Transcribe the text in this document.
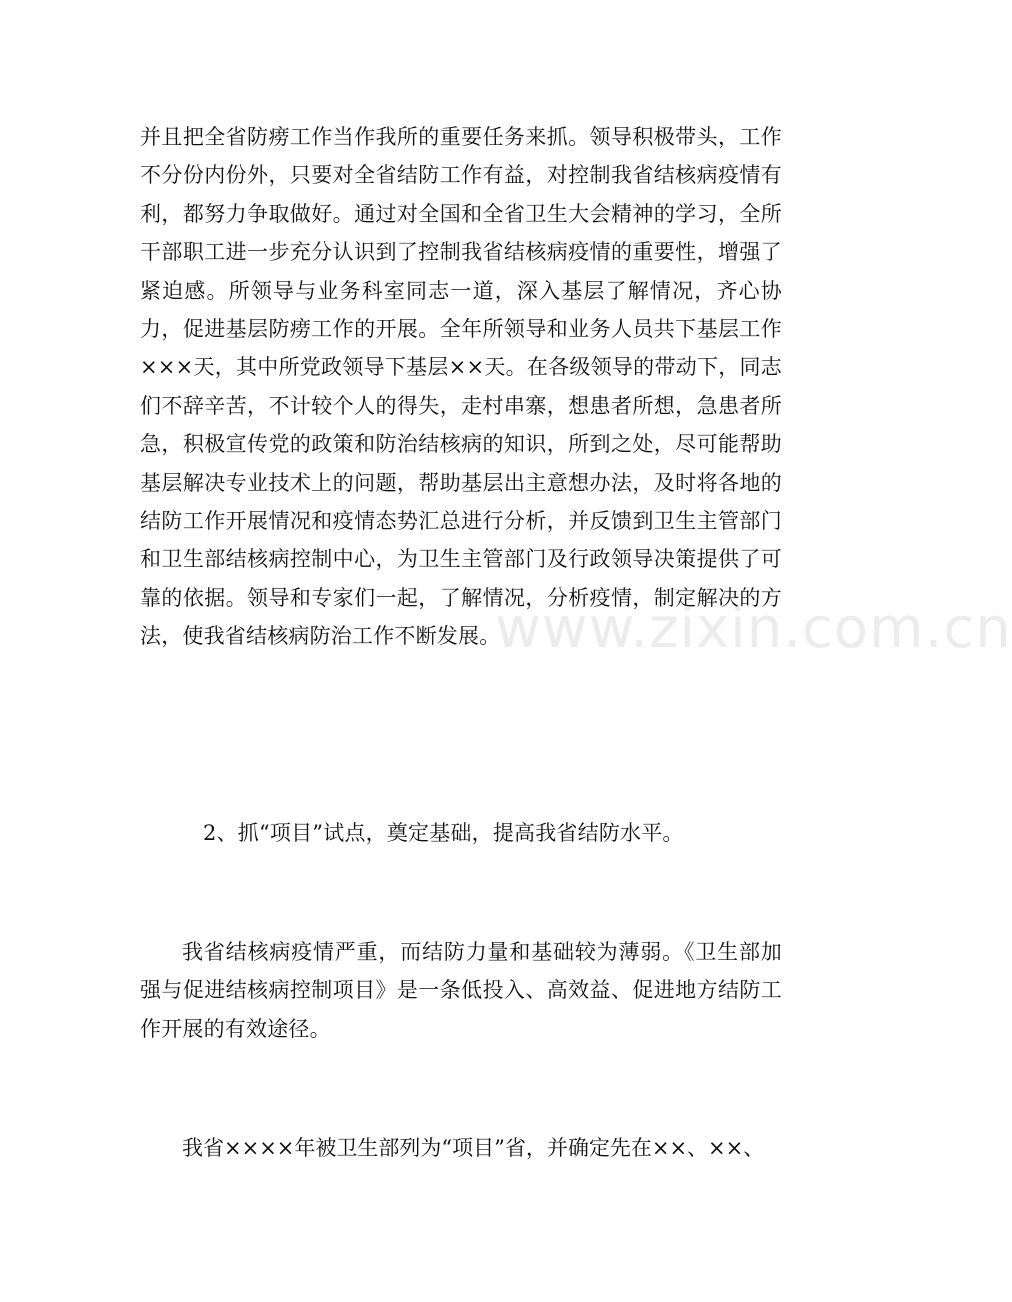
并且把全省防痨工作当作我所的重要任务来抓。领导积极带头，工作不分份内份外，只要对全省结防工作有益，对控制我省结核病疫情有利，都努力争取做好。通过对全国和全省卫生大会精神的学习，全所干部职工进一步充分认识到了控制我省结核病疫情的重要性，增强了紧迫感。所领导与业务科室同志一道，深入基层了解情况，齐心协力，促进基层防痨工作的开展。全年所领导和业务人员共下基层工作×××天，其中所党政领导下基层××天。在各级领导的带动下，同志们不辞辛苦，不计较个人的得失，走村串寨，想患者所想，急患者所急，积极宣传党的政策和防治结核病的知识，所到之处，尽可能帮助基层解决专业技术上的问题，帮助基层出主意想办法，及时将各地的结防工作开展情况和疫情态势汇总进行分析，并反馈到卫生主管部门和卫生部结核病控制中心，为卫生主管部门及行政领导决策提供了可靠的依据。领导和专家们一起，了解情况，分析疫情，制定解决的方法，使我省结核病防治工作不断发展。

2、抓“项目”试点，奠定基础，提高我省结防水平。

我省结核病疫情严重，而结防力量和基础较为薄弱。《卫生部加强与促进结核病控制项目》是一条低投入、高效益、促进地方结防工作开展的有效途径。

我省××××年被卫生部列为“项目”省，并确定先在××、××、

www.zixin.com.cn
